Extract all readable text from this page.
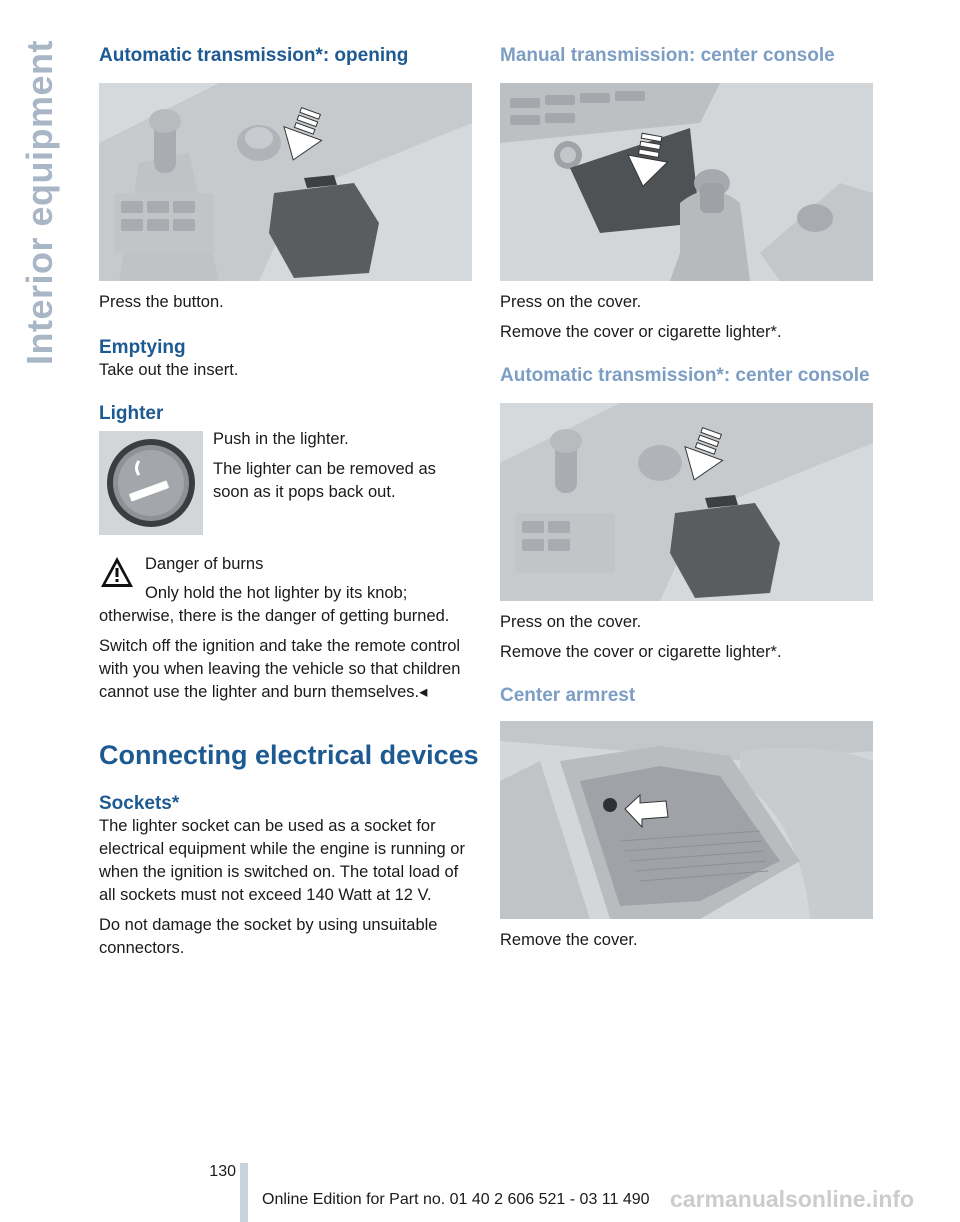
Interior equipment Automatic transmission*: opening

Press the button.

Emptying

Take out the insert.

Lighter

Push in the lighter.

The lighter can be removed as soon as it pops back out.

Danger of burns

Only hold the hot lighter by its knob; otherwise, there is the danger of getting burned.

Switch off the ignition and take the remote control with you when leaving the vehicle so that children cannot use the lighter and burn themselves.◂

Connecting electrical devices
Sockets*

The lighter socket can be used as a socket for electrical equipment while the engine is running or when the ignition is switched on. The total load of all sockets must not exceed 140 Watt at 12 V.

Do not damage the socket by using unsuitable connectors.

Manual transmission: center console

Press on the cover.

Remove the cover or cigarette lighter*.

Automatic transmission*: center console

Press on the cover.

Remove the cover or cigarette lighter*.

Center armrest

Remove the cover.

130
Online Edition for Part no. 01 40 2 606 521 - 03 11 490 carmanualsonline.info
